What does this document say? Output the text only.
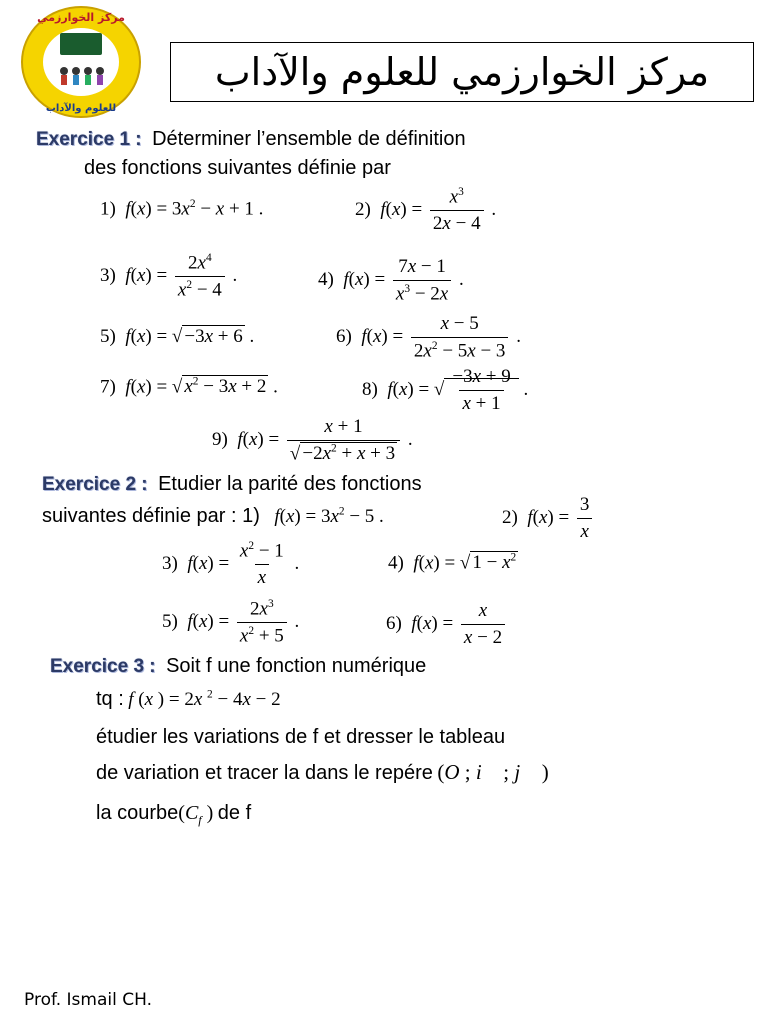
مركز الخوارزمي
للعلوم والآداب
مركز الخوارزمي للعلوم والآداب
Exercice 1 : Déterminer l’ensemble de définition
des fonctions suivantes définie par
1) $f(x) = 3x^2 - x + 1$ .	2) $f(x) = \frac{x^3}{2x - 4}$ .
3) $f(x) = \frac{2x^4}{x^2 - 4}$ .	4) $f(x) = \frac{7x - 1}{x^3 - 2x}$ .
5) f(x) = √ −3x + 6 .	6) $f(x) = \frac{x - 5}{2x^2 - 5x - 3}$ .
7) f(x) = √ $x^2 - 3x + 2$ .	8) f(x) = √ $\frac{-3x + 9}{x + 1}$ .
9) $f(x) = \frac{x + 1}{√ -2x^2 + x + 3}$ .
Exercice 2 : Etudier la parité des fonctions
suivantes définie par : 1) $f(x) = 3x^2 - 5$ .	2) $f(x) = \frac{3}{x}$
3) $f(x) = \frac{x^2 - 1}{x}$ .	4) f(x) = √ $1 - x^2$
5) $f(x) = \frac{2x^3}{x^2 + 5}$ .	6) $f(x) = \frac{x}{x - 2}$
Exercice 3 : Soit f une fonction numérique
tq : f (x ) = 2x $^2$ − 4x − 2
étudier les variations de f et dresser le tableau
de variation et tracer la dans le repére (O ; i⃗ ; j⃗ )
la $courbe(C_f$ ) de f
Prof. Ismail CH.
